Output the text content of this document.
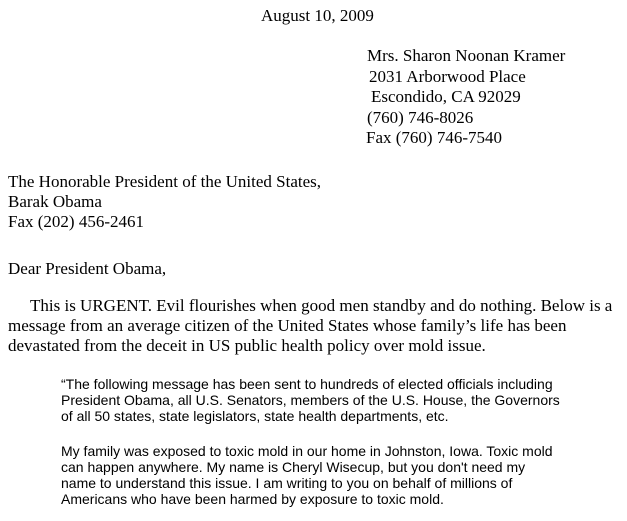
August 10, 2009
Mrs. Sharon Noonan Kramer
2031 Arborwood Place
Escondido, CA 92029
(760) 746-8026
Fax (760) 746-7540
The Honorable President of the United States,
Barak Obama
Fax (202) 456-2461
Dear President Obama,
This is URGENT. Evil flourishes when good men standby and do nothing. Below is a
message from an average citizen of the United States whose family’s life has been
devastated from the deceit in US public health policy over mold issue.
“The following message has been sent to hundreds of elected officials including
President Obama, all U.S. Senators, members of the U.S. House, the Governors
of all 50 states, state legislators, state health departments, etc.
My family was exposed to toxic mold in our home in Johnston, Iowa. Toxic mold
can happen anywhere. My name is Cheryl Wisecup, but you don't need my
name to understand this issue. I am writing to you on behalf of millions of
Americans who have been harmed by exposure to toxic mold.
